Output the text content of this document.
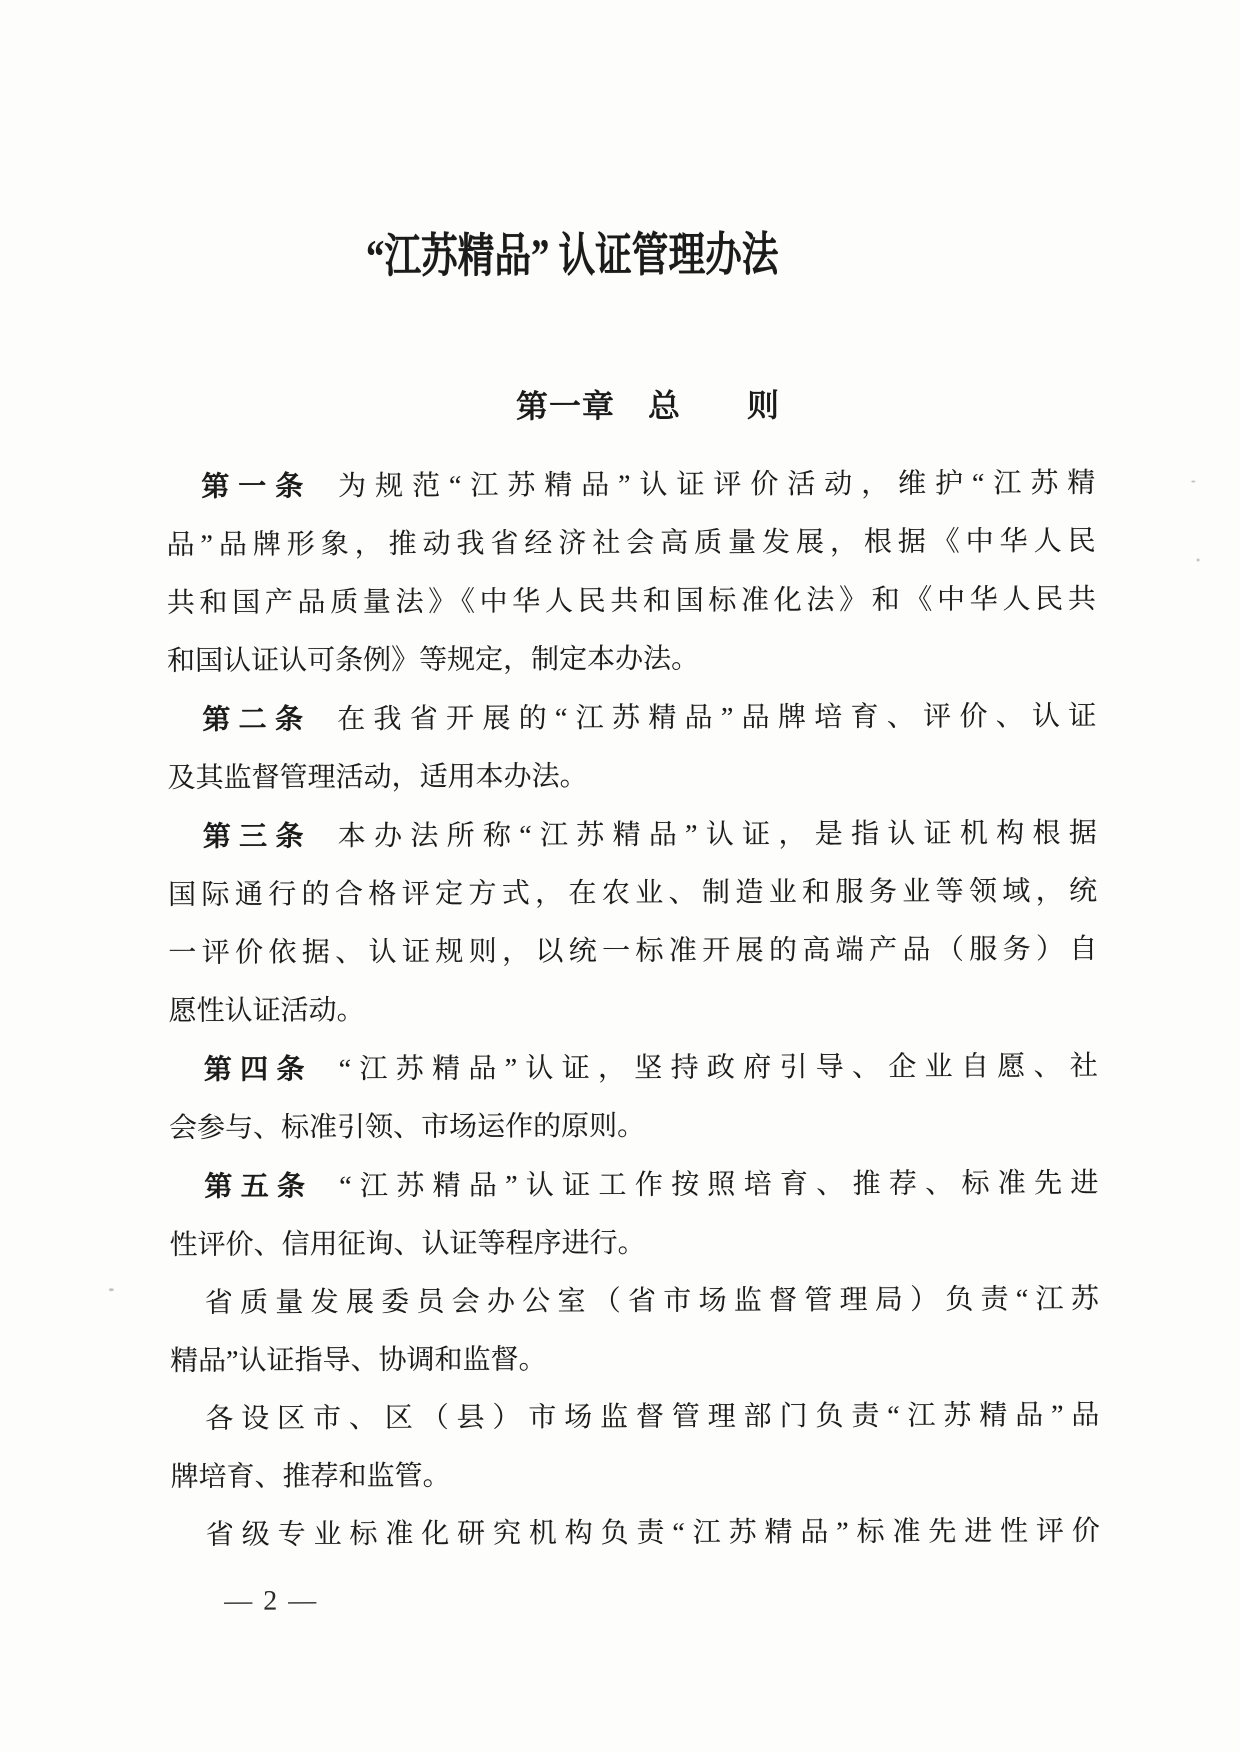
“江苏精品” 认证管理办法
第一章　总　　则
第一条 为规范“江苏精品”认证评价活动，维护“江苏精
品”品牌形象，推动我省经济社会高质量发展，根据《中华人民
共和国产品质量法》《中华人民共和国标准化法》和《中华人民共
和国认证认可条例》等规定，制定本办法。
第二条 在我省开展的“江苏精品”品牌培育、评价、认证
及其监督管理活动，适用本办法。
第三条 本办法所称“江苏精品”认证，是指认证机构根据
国际通行的合格评定方式，在农业、制造业和服务业等领域，统
一评价依据、认证规则，以统一标准开展的高端产品（服务）自
愿性认证活动。
第四条 “江苏精品”认证，坚持政府引导、企业自愿、社
会参与、标准引领、市场运作的原则。
第五条 “江苏精品”认证工作按照培育、推荐、标准先进
性评价、信用征询、认证等程序进行。
省质量发展委员会办公室（省市场监督管理局）负责“江苏
精品”认证指导、协调和监督。
各设区市、区（县）市场监督管理部门负责“江苏精品”品
牌培育、推荐和监管。
省级专业标准化研究机构负责“江苏精品”标准先进性评价
— 2 —
